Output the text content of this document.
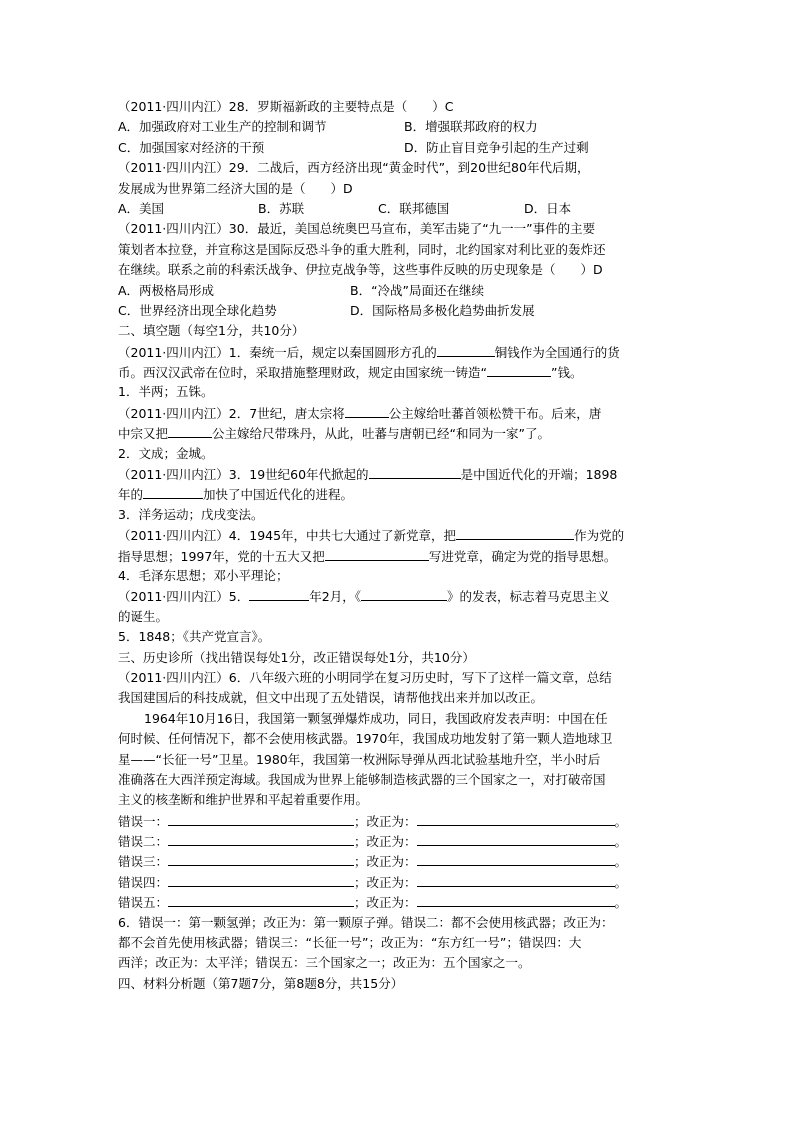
（2011·四川内江）28．罗斯福新政的主要特点是（　　）C
A．加强政府对工业生产的控制和调节	B．增强联邦政府的权力
C．加强国家对经济的干预	D．防止盲目竞争引起的生产过剩
（2011·四川内江）29．二战后，西方经济出现“黄金时代”，到20世纪80年代后期，
发展成为世界第二经济大国的是（　　）D
A．美国	B．苏联	C．联邦德国	D．日本
（2011·四川内江）30．最近，美国总统奥巴马宣布，美军击毙了“九一一”事件的主要
策划者本拉登，并宣称这是国际反恐斗争的重大胜利，同时，北约国家对利比亚的轰炸还
在继续。联系之前的科索沃战争、伊拉克战争等，这些事件反映的历史现象是（　　）D
A．两极格局形成	B．“冷战”局面还在继续
C．世界经济出现全球化趋势	D．国际格局多极化趋势曲折发展
二、填空题（每空1分，共10分）
（2011·四川内江）1．秦统一后，规定以秦国圆形方孔的	铜钱作为全国通行的货
币。西汉汉武帝在位时，采取措施整理财政，规定由国家统一铸造“	”钱。
1．半两；五铢。
（2011·四川内江）2．7世纪，唐太宗将	公主嫁给吐蕃首领松赞干布。后来，唐
中宗又把	公主嫁给尺带珠丹，从此，吐蕃与唐朝已经“和同为一家”了。
2．文成；金城。
（2011·四川内江）3．19世纪60年代掀起的	是中国近代化的开端；1898
年的	加快了中国近代化的进程。
3．洋务运动；戊戌变法。
（2011·四川内江）4．1945年，中共七大通过了新党章，把	作为党的
指导思想；1997年，党的十五大又把	写进党章，确定为党的指导思想。
4．毛泽东思想；邓小平理论；
（2011·四川内江）5．	年2月，《	》的发表，标志着马克思主义
的诞生。
5．1848；《共产党宣言》。
三、历史诊所（找出错误每处1分，改正错误每处1分，共10分）
（2011·四川内江）6．八年级六班的小明同学在复习历史时，写下了这样一篇文章，总结
我国建国后的科技成就，但文中出现了五处错误，请帮他找出来并加以改正。
1964年10月16日，我国第一颗氢弹爆炸成功，同日，我国政府发表声明：中国在任
何时候、任何情况下，都不会使用核武器。1970年，我国成功地发射了第一颗人造地球卫
星——“长征一号”卫星。1980年，我国第一枚洲际导弹从西北试验基地升空，半小时后
准确落在大西洋预定海域。我国成为世界上能够制造核武器的三个国家之一，对打破帝国
主义的核垄断和维护世界和平起着重要作用。
错误一：	；改正为：	。
错误二：	；改正为：	。
错误三：	；改正为：	。
错误四：	；改正为：	。
错误五：	；改正为：	。
6．错误一：第一颗氢弹；改正为：第一颗原子弹。错误二：都不会使用核武器；改正为：
都不会首先使用核武器；错误三：“长征一号”；改正为：“东方红一号”；错误四：大
西洋；改正为：太平洋；错误五：三个国家之一；改正为：五个国家之一。
四、材料分析题（第7题7分，第8题8分，共15分）
